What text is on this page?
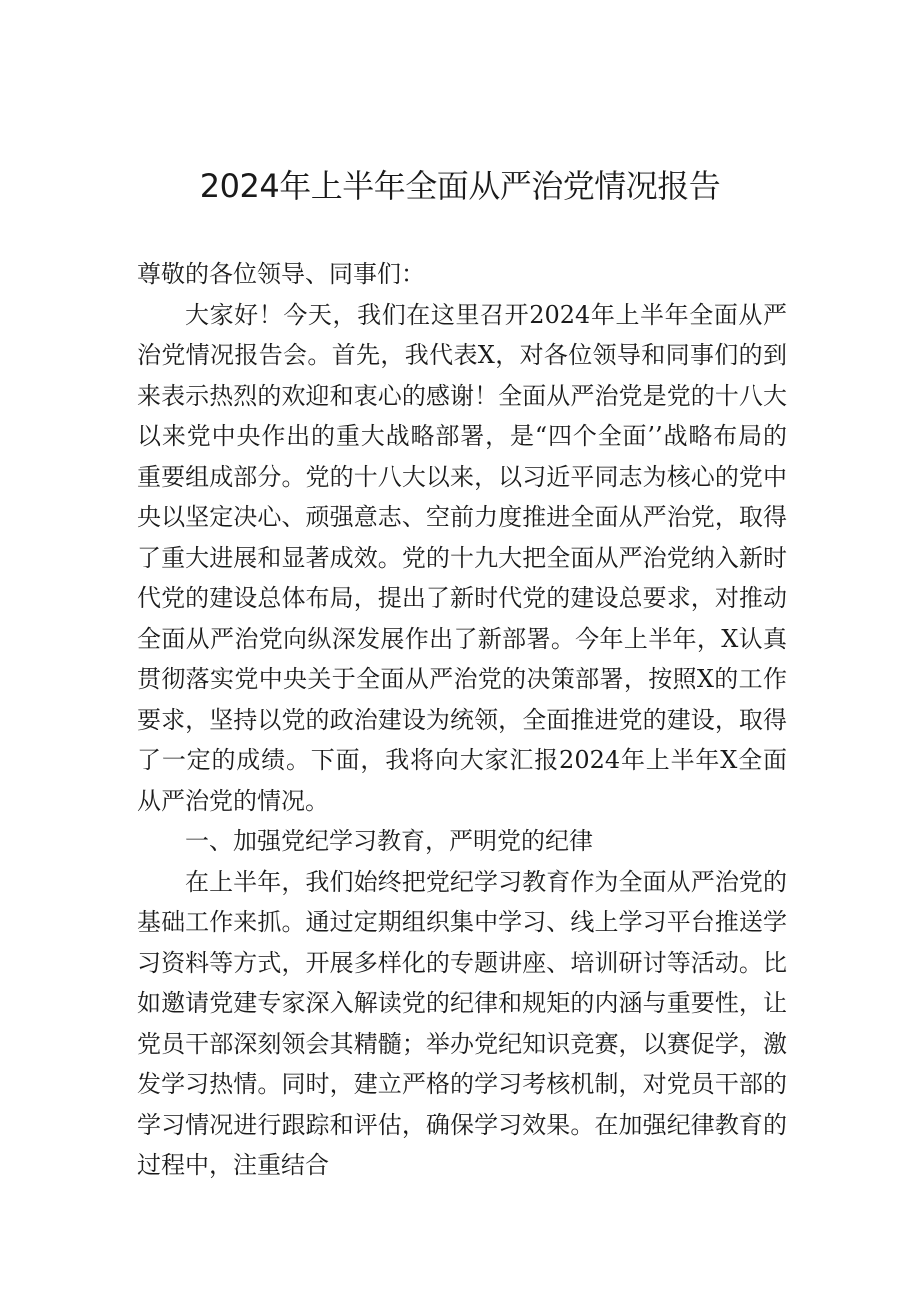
2024年上半年全面从严治党情况报告

尊敬的各位领导、同事们：

大家好！今天，我们在这里召开2024年上半年全面从严治党情况报告会。首先，我代表X，对各位领导和同事们的到来表示热烈的欢迎和衷心的感谢！全面从严治党是党的十八大以来党中央作出的重大战略部署，是“四个全面’’战略布局的重要组成部分。党的十八大以来，以习近平同志为核心的党中央以坚定决心、顽强意志、空前力度推进全面从严治党，取得了重大进展和显著成效。党的十九大把全面从严治党纳入新时代党的建设总体布局，提出了新时代党的建设总要求，对推动全面从严治党向纵深发展作出了新部署。今年上半年，X认真贯彻落实党中央关于全面从严治党的决策部署，按照X的工作要求，坚持以党的政治建设为统领，全面推进党的建设，取得了一定的成绩。下面，我将向大家汇报2024年上半年X全面从严治党的情况。

一、加强党纪学习教育，严明党的纪律

在上半年，我们始终把党纪学习教育作为全面从严治党的基础工作来抓。通过定期组织集中学习、线上学习平台推送学习资料等方式，开展多样化的专题讲座、培训研讨等活动。比如邀请党建专家深入解读党的纪律和规矩的内涵与重要性，让党员干部深刻领会其精髓；举办党纪知识竞赛，以赛促学，激发学习热情。同时，建立严格的学习考核机制，对党员干部的学习情况进行跟踪和评估，确保学习效果。在加强纪律教育的过程中，注重结合
